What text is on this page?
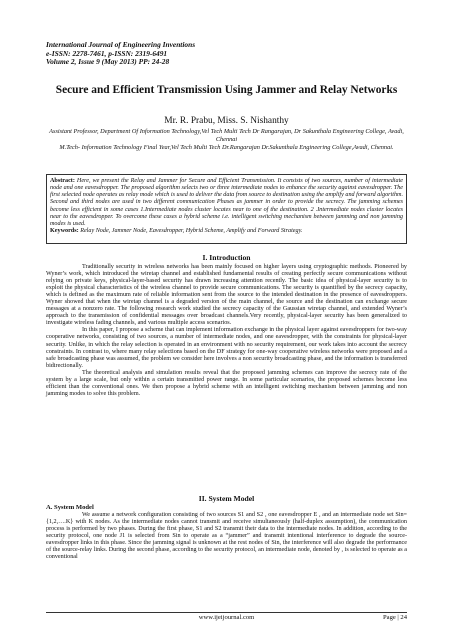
International Journal of Engineering Inventions
e-ISSN: 2278-7461, p-ISSN: 2319-6491
Volume 2, Issue 9 (May 2013) PP: 24-28
Secure and Efficient Transmission Using Jammer and Relay Networks
Mr. R. Prabu, Miss. S. Nishanthy
Assistant Professor, Department Of Information Technology,Vel Tech Multi Tech Dr Rangarajan, Dr Sakunthala Engineering College, Avadi, Chennai
M.Tech- Information Technology Final Year,Vel Tech Multi Tech Dr.Rangarajan Dr.Sakunthala Engineering College,Avadi, Chennai.
Abstract: Here, we present the Relay and Jammer for Secure and Efficient Transmission. It consists of two sources, number of intermediate node and one eavesdropper. The proposed algorithm selects two or three intermediate nodes to enhance the security against eavesdropper. The first selected node operates as relay mode which is used to deliver the data from source to destination using the amplify and forward algorithm. Second and third nodes are used in two different communication Phases as jammer in order to provide the secrecy. The jamming schemes become less efficient in some cases 1.Intermediate nodes cluster locates near to one of the destination. 2 .Intermediate nodes cluster locates near to the eavesdropper. To overcome these cases a hybrid scheme i.e. intelligent switching mechanism between jamming and non jamming modes is used.
Keywords: Relay Node, Jammer Node, Eavesdropper, Hybrid Scheme, Amplify and Forward Strategy.
I. Introduction

Traditionally security in wireless networks has been mainly focused on higher layers using cryptographic methods. Pioneered by Wyner’s work, which introduced the wiretap channel and established fundamental results of creating perfectly secure communications without relying on private keys, physical-layer-based security has drawn increasing attention recently. The basic idea of physical-layer security is to exploit the physical characteristics of the wireless channel to provide secure communications. The security is quantified by the secrecy capacity, which is defined as the maximum rate of reliable information sent from the source to the intended destination in the presence of eavesdroppers. Wyner showed that when the wiretap channel is a degraded version of the main channel, the source and the destination can exchange secure messages at a nonzero rate. The following research work studied the secrecy capacity of the Gaussian wiretap channel, and extended Wyner’s approach to the transmission of confidential messages over broadcast channels.Very recently, physical-layer security has been generalized to investigate wireless fading channels, and various multiple access scenarios.

In this paper, I propose a scheme that can implement information exchange in the physical layer against eavesdroppers for two-way cooperative networks, consisting of two sources, a number of intermediate nodes, and one eavesdropper, with the constraints for physical-layer security. Unlike, in which the relay selection is operated in an environment with no security requirement, our work takes into account the secrecy constraints. In contrast to, where many relay selections based on the DF strategy for one-way cooperative wireless networks were proposed and a safe broadcasting phase was assumed, the problem we consider here involves a non security broadcasting phase, and the information is transferred bidirectionally.

The theoretical analysis and simulation results reveal that the proposed jamming schemes can improve the secrecy rate of the system by a large scale, but only within a certain transmitted power range. In some particular scenarios, the proposed schemes become less efficient than the conventional ones. We then propose a hybrid scheme with an intelligent switching mechanism between jamming and non jamming modes to solve this problem.

II. System Model
A. System Model

We assume a network configuration consisting of two sources S1 and S2 , one eavesdropper E , and an intermediate node set Sin= {1,2,….K} with K nodes. As the intermediate nodes cannot transmit and receive simultaneously (half-duplex assumption), the communication process is performed by two phases. During the first phase, S1 and S2 transmit their data to the intermediate nodes. In addition, according to the security protocol, one node J1 is selected from Sin to operate as a “jammer” and transmit intentional interference to degrade the source-eavesdropper links in this phase. Since the jamming signal is unknown at the rest nodes of Sin, the interference will also degrade the performance of the source-relay links. During the second phase, according to the security protocol, an intermediate node, denoted by , is selected to operate as a conventional

www.ijeijournal.com	Page | 24
